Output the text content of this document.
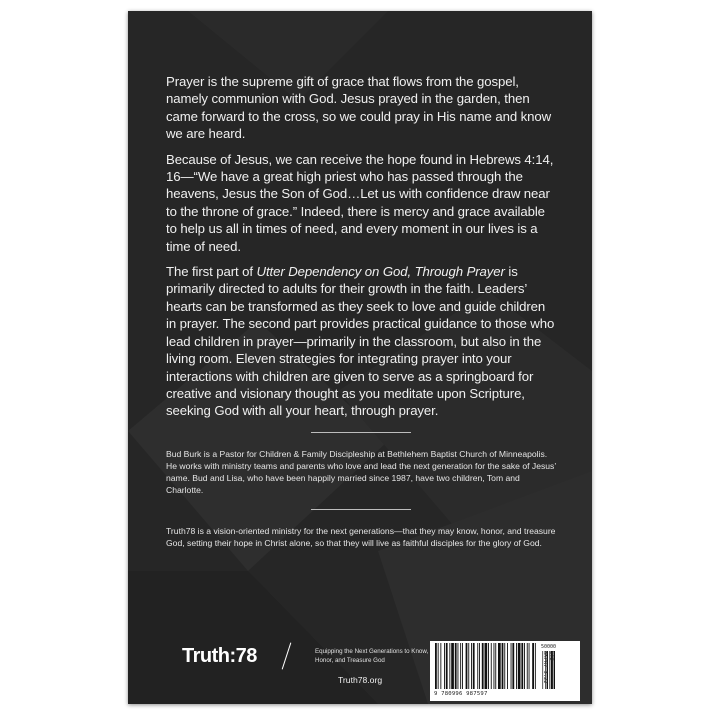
Prayer is the supreme gift of grace that flows from the gospel, namely communion with God. Jesus prayed in the garden, then came forward to the cross, so we could pray in His name and know we are heard.

Because of Jesus, we can receive the hope found in Hebrews 4:14, 16—“We have a great high priest who has passed through the heavens, Jesus the Son of God…Let us with confidence draw near to the throne of grace.” Indeed, there is mercy and grace available to help us all in times of need, and every moment in our lives is a time of need.

The first part of Utter Dependency on God, Through Prayer is primarily directed to adults for their growth in the faith. Leaders’ hearts can be transformed as they seek to love and guide children in prayer. The second part provides practical guidance to those who lead children in prayer—primarily in the classroom, but also in the living room. Eleven strategies for integrating prayer into your interactions with children are given to serve as a springboard for creative and visionary thought as you meditate upon Scripture, seeking God with all your heart, through prayer.

Bud Burk is a Pastor for Children & Family Discipleship at Bethlehem Baptist Church of Minneapolis. He works with ministry teams and parents who love and lead the next generation for the sake of Jesus’ name. Bud and Lisa, who have been happily married since 1987, have two children, Tom and Charlotte.

Truth78 is a vision-oriented ministry for the next generations—that they may know, honor, and treasure God, setting their hope in Christ alone, so that they will live as faithful disciples for the glory of God.

Truth:78	Equipping the Next Generations to Know, Honor, and Treasure God
Truth78.org
9 780996 987597
50000
BKPR7 3.22 STD
